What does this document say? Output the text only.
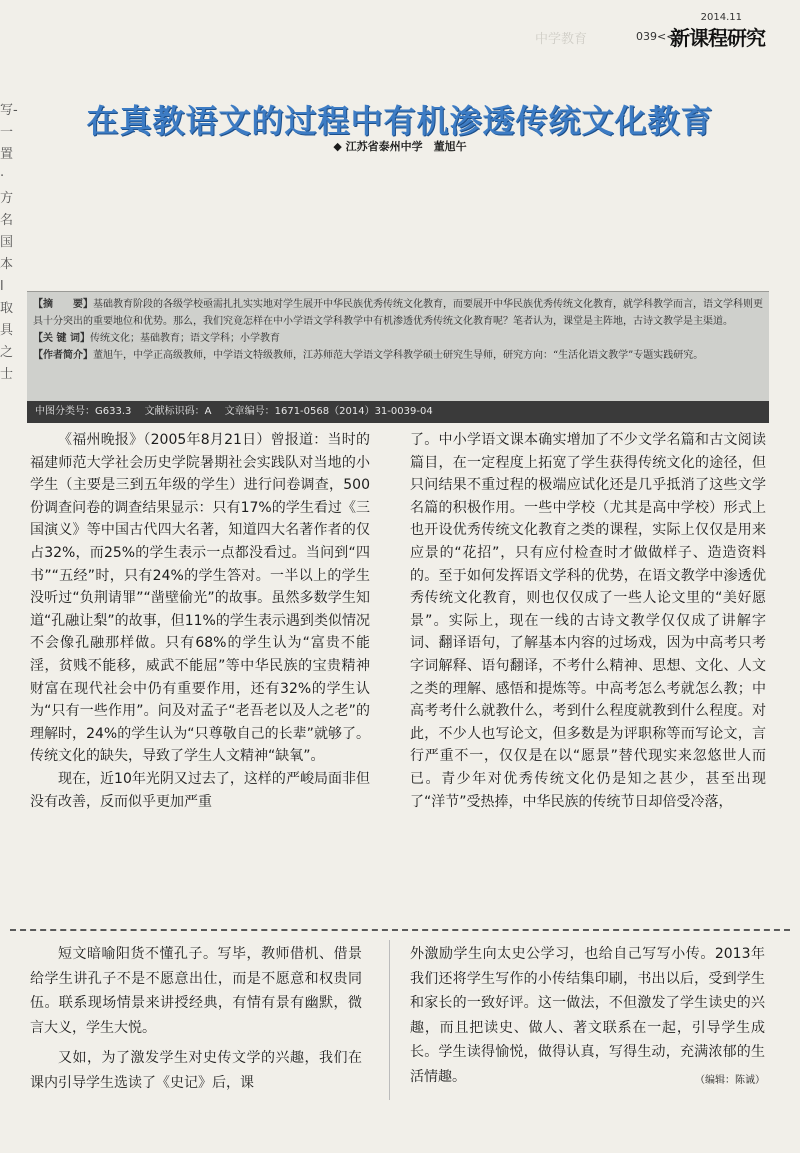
中学教育
2014.11
039<<
新课程研究
写-
一置
·
方
名
国
本
l
取
具
之
士
在真教语文的过程中有机渗透传统文化教育
◆ 江苏省泰州中学　董旭午

【摘　　要】基础教育阶段的各级学校亟需扎扎实实地对学生展开中华民族优秀传统文化教育，而要展开中华民族优秀传统文化教育，就学科教学而言，语文学科则更具十分突出的重要地位和优势。那么，我们究竟怎样在中小学语文学科教学中有机渗透优秀传统文化教育呢？笔者认为，课堂是主阵地，古诗文教学是主渠道。

【关 键 词】传统文化；基础教育；语文学科；小学教育

【作者简介】董旭午，中学正高级教师，中学语文特级教师，江苏师范大学语文学科教学硕士研究生导师，研究方向：“生活化语文教学”专题实践研究。

中图分类号：G633.3 文献标识码：A 文章编号：1671-0568（2014）31-0039-04

《福州晚报》（2005年8月21日）曾报道：当时的福建师范大学社会历史学院暑期社会实践队对当地的小学生（主要是三到五年级的学生）进行问卷调查，500份调查问卷的调查结果显示：只有17%的学生看过《三国演义》等中国古代四大名著，知道四大名著作者的仅占32%，而25%的学生表示一点都没看过。当问到“四书”“五经”时，只有24%的学生答对。一半以上的学生没听过“负荆请罪”“凿壁偷光”的故事。虽然多数学生知道“孔融让梨”的故事，但11%的学生表示遇到类似情况不会像孔融那样做。只有68%的学生认为“富贵不能淫，贫贱不能移，威武不能屈”等中华民族的宝贵精神财富在现代社会中仍有重要作用，还有32%的学生认为“只有一些作用”。问及对孟子“老吾老以及人之老”的理解时，24%的学生认为“只尊敬自己的长辈”就够了。传统文化的缺失，导致了学生人文精神“缺氧”。

现在，近10年光阴又过去了，这样的严峻局面非但没有改善，反而似乎更加严重

了。中小学语文课本确实增加了不少文学名篇和古文阅读篇目，在一定程度上拓宽了学生获得传统文化的途径，但只问结果不重过程的极端应试化还是几乎抵消了这些文学名篇的积极作用。一些中学校（尤其是高中学校）形式上也开设优秀传统文化教育之类的课程，实际上仅仅是用来应景的“花招”，只有应付检查时才做做样子、造造资料的。至于如何发挥语文学科的优势，在语文教学中渗透优秀传统文化教育，则也仅仅成了一些人论文里的“美好愿景”。实际上，现在一线的古诗文教学仅仅成了讲解字词、翻译语句，了解基本内容的过场戏，因为中高考只考字词解释、语句翻译，不考什么精神、思想、文化、人文之类的理解、感悟和提炼等。中高考怎么考就怎么教；中高考考什么就教什么，考到什么程度就教到什么程度。对此，不少人也写论文，但多数是为评职称等而写论文，言行严重不一，仅仅是在以“愿景”替代现实来忽悠世人而已。青少年对优秀传统文化仍是知之甚少，甚至出现了“洋节”受热捧，中华民族的传统节日却倍受冷落，

短文暗喻阳货不懂孔子。写毕，教师借机、借景给学生讲孔子不是不愿意出仕，而是不愿意和权贵同伍。联系现场情景来讲授经典，有情有景有幽默，微言大义，学生大悦。

又如，为了激发学生对史传文学的兴趣，我们在课内引导学生选读了《史记》后，课

外激励学生向太史公学习，也给自己写写小传。2013年我们还将学生写作的小传结集印刷，书出以后，受到学生和家长的一致好评。这一做法，不但激发了学生读史的兴趣，而且把读史、做人、著文联系在一起，引导学生成长。学生读得愉悦，做得认真，写得生动，充满浓郁的生活情趣。	（编辑：陈诚）
